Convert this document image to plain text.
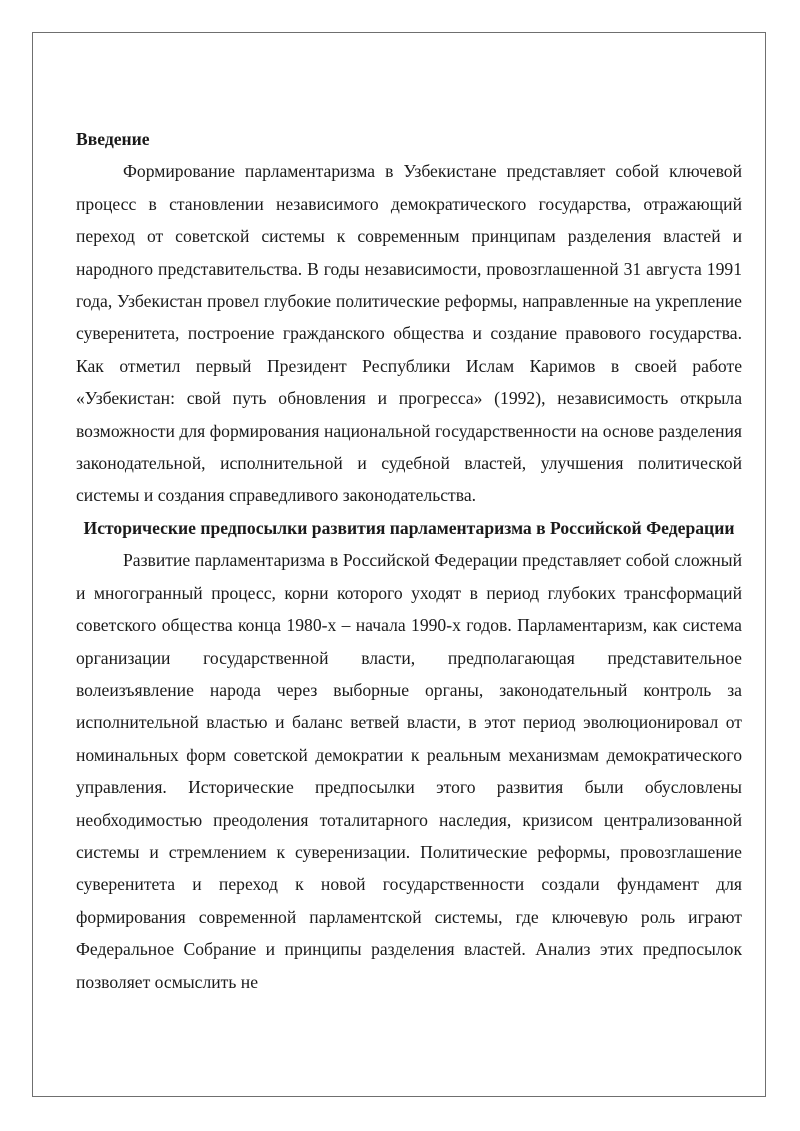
Введение

Формирование парламентаризма в Узбекистане представляет собой ключевой процесс в становлении независимого демократического государства, отражающий переход от советской системы к современным принципам разделения властей и народного представительства. В годы независимости, провозглашенной 31 августа 1991 года, Узбекистан провел глубокие политические реформы, направленные на укрепление суверенитета, построение гражданского общества и создание правового государства. Как отметил первый Президент Республики Ислам Каримов в своей работе «Узбекистан: свой путь обновления и прогресса» (1992), независимость открыла возможности для формирования национальной государственности на основе разделения законодательной, исполнительной и судебной властей, улучшения политической системы и создания справедливого законодательства.

Исторические предпосылки развития парламентаризма в Российской Федерации

Развитие парламентаризма в Российской Федерации представляет собой сложный и многогранный процесс, корни которого уходят в период глубоких трансформаций советского общества конца 1980-х – начала 1990-х годов. Парламентаризм, как система организации государственной власти, предполагающая представительное волеизъявление народа через выборные органы, законодательный контроль за исполнительной властью и баланс ветвей власти, в этот период эволюционировал от номинальных форм советской демократии к реальным механизмам демократического управления. Исторические предпосылки этого развития были обусловлены необходимостью преодоления тоталитарного наследия, кризисом централизованной системы и стремлением к суверенизации. Политические реформы, провозглашение суверенитета и переход к новой государственности создали фундамент для формирования современной парламентской системы, где ключевую роль играют Федеральное Собрание и принципы разделения властей. Анализ этих предпосылок позволяет осмыслить не
